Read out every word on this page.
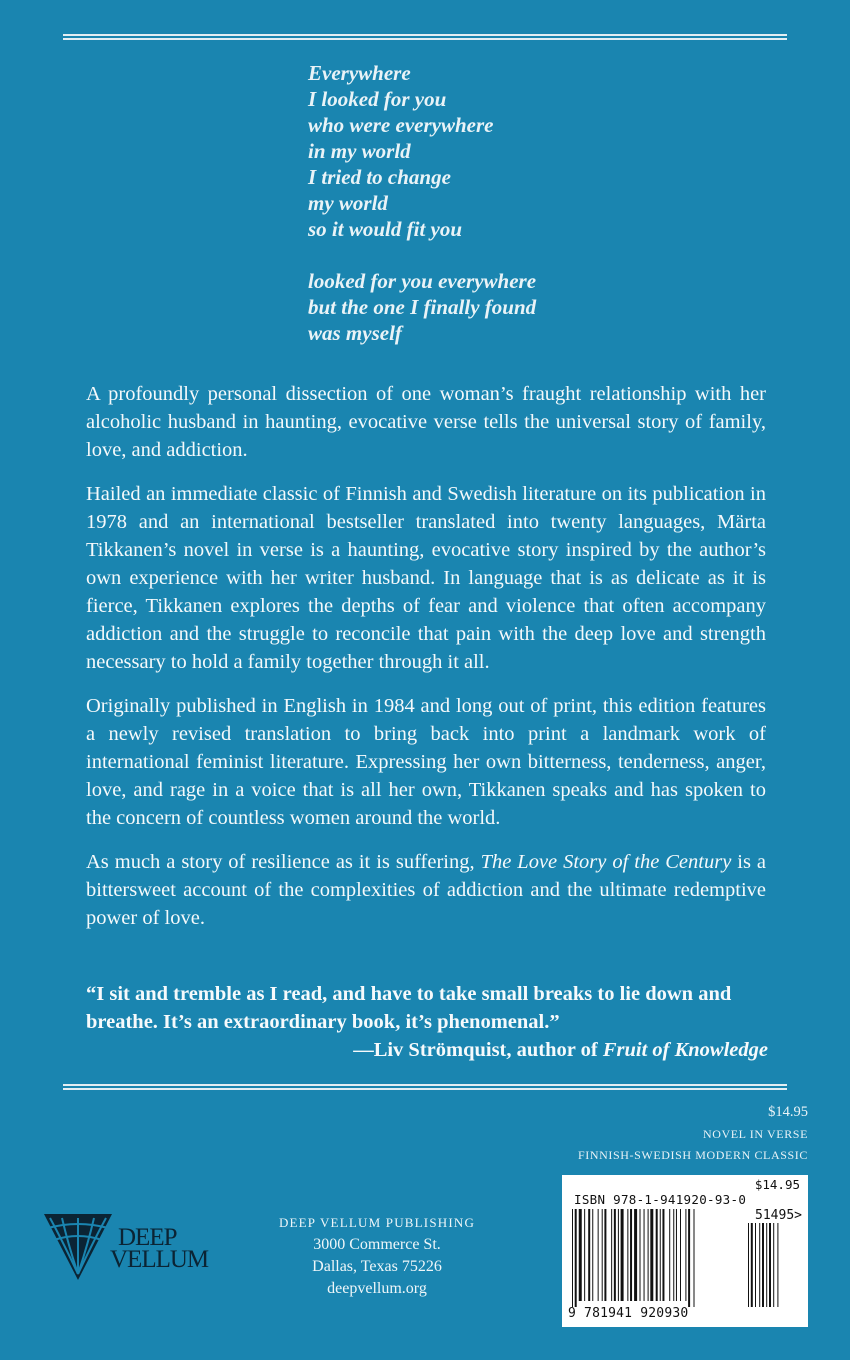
Everywhere
I looked for you
who were everywhere
in my world
I tried to change
my world
so it would fit you
looked for you everywhere
but the one I finally found
was myself

A profoundly personal dissection of one woman’s fraught relationship with her alcoholic husband in haunting, evocative verse tells the universal story of family, love, and addiction.

Hailed an immediate classic of Finnish and Swedish literature on its publication in 1978 and an international bestseller translated into twenty languages, Märta Tikkanen’s novel in verse is a haunting, evocative story inspired by the author’s own experience with her writer husband. In language that is as delicate as it is fierce, Tikkanen explores the depths of fear and violence that often accompany addiction and the struggle to reconcile that pain with the deep love and strength necessary to hold a family together through it all.

Originally published in English in 1984 and long out of print, this edition features a newly revised translation to bring back into print a landmark work of international feminist literature. Expressing her own bitterness, tenderness, anger, love, and rage in a voice that is all her own, Tikkanen speaks and has spoken to the concern of countless women around the world.

As much a story of resilience as it is suffering, The Love Story of the Century is a bittersweet account of the complexities of addiction and the ultimate redemptive power of love.

“I sit and tremble as I read, and have to take small breaks to lie down and breathe. It’s an extraordinary book, it’s phenomenal.”
—Liv Strömquist, author of Fruit of Knowledge
$14.95
NOVEL IN VERSE
FINNISH-SWEDISH MODERN CLASSIC
$14.95
ISBN 978-1-941920-93-0
51495>
9 781941 920930
DEEP
VELLUM
DEEP VELLUM PUBLISHING
3000 Commerce St.
Dallas, Texas 75226
deepvellum.org
